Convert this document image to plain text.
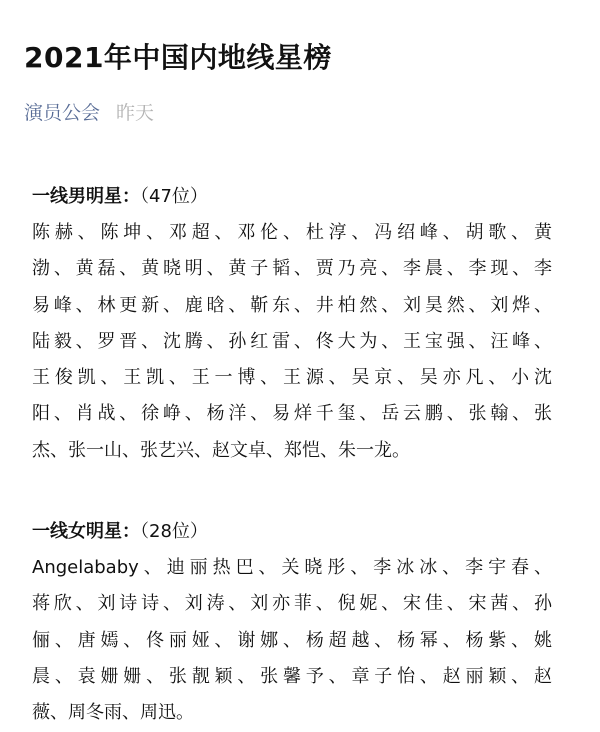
2021年中国内地线星榜
演员公会 昨天
一线男明星：（47位）

陈赫、陈坤、邓超、邓伦、杜淳、冯绍峰、胡歌、黄
渤、黄磊、黄晓明、黄子韬、贾乃亮、李晨、李现、李
易峰、林更新、鹿晗、靳东、井柏然、刘昊然、刘烨、
陆毅、罗晋、沈腾、孙红雷、佟大为、王宝强、汪峰、
王俊凯、王凯、王一博、王源、吴京、吴亦凡、小沈
阳、肖战、徐峥、杨洋、易烊千玺、岳云鹏、张翰、张
杰、张一山、张艺兴、赵文卓、郑恺、朱一龙。

一线女明星：（28位）

Angelababy、迪丽热巴、关晓彤、李冰冰、李宇春、
蒋欣、刘诗诗、刘涛、刘亦菲、倪妮、宋佳、宋茜、孙
俪、唐嫣、佟丽娅、谢娜、杨超越、杨幂、杨紫、姚
晨、袁姗姗、张靓颖、张馨予、章子怡、赵丽颖、赵
薇、周冬雨、周迅。
